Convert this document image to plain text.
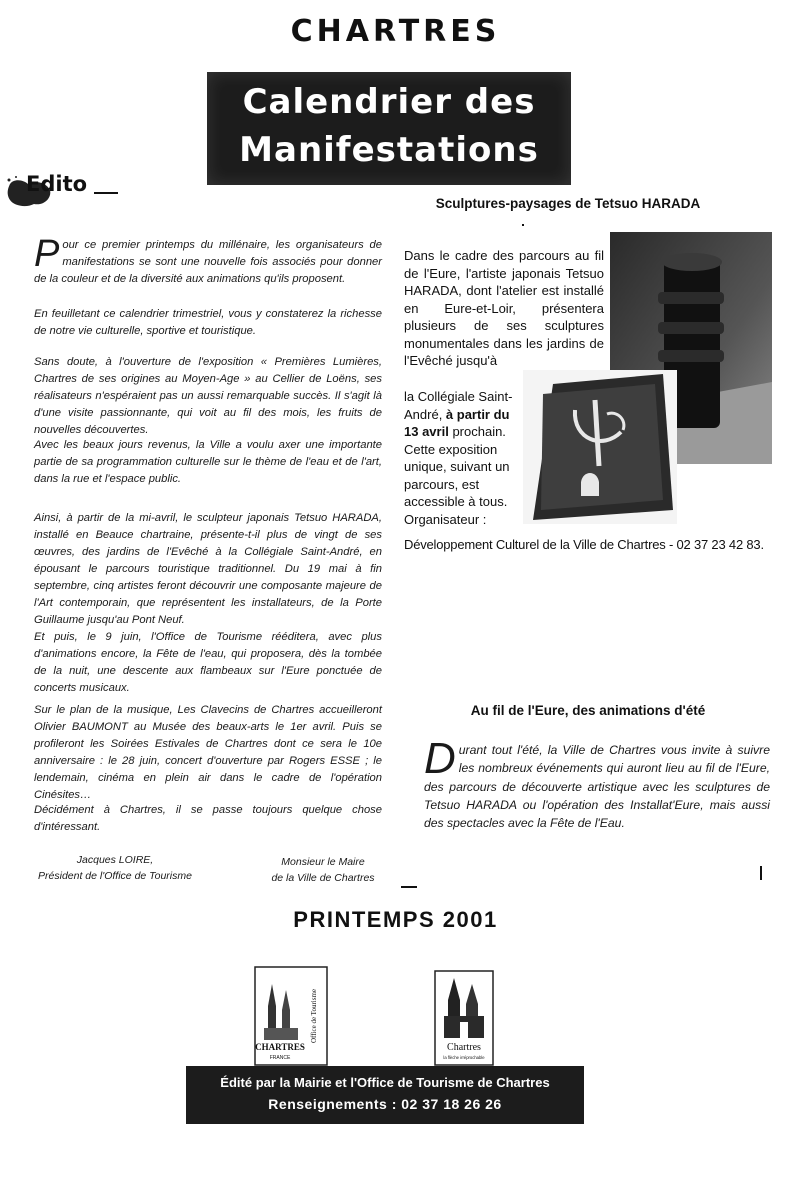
CHARTRES
Calendrier des
Manifestations
Edito

Pour ce premier printemps du millénaire, les organisateurs de manifestations se sont une nouvelle fois associés pour donner de la couleur et de la diversité aux animations qu'ils proposent.

En feuilletant ce calendrier trimestriel, vous y constaterez la richesse de notre vie culturelle, sportive et touristique.

Sans doute, à l'ouverture de l'exposition « Premières Lumières, Chartres de ses origines au Moyen-Age » au Cellier de Loëns, ses réalisateurs n'espéraient pas un aussi remarquable succès. Il s'agit là d'une visite passionnante, qui voit au fil des mois, les fruits de nouvelles découvertes.

Avec les beaux jours revenus, la Ville a voulu axer une importante partie de sa programmation culturelle sur le thème de l'eau et de l'art, dans la rue et l'espace public.

Ainsi, à partir de la mi-avril, le sculpteur japonais Tetsuo HARADA, installé en Beauce chartraine, présente-t-il plus de vingt de ses œuvres, des jardins de l'Evêché à la Collégiale Saint-André, en épousant le parcours touristique traditionnel. Du 19 mai à fin septembre, cinq artistes feront découvrir une composante majeure de l'Art contemporain, que représentent les installateurs, de la Porte Guillaume jusqu'au Pont Neuf.

Et puis, le 9 juin, l'Office de Tourisme rééditera, avec plus d'animations encore, la Fête de l'eau, qui proposera, dès la tombée de la nuit, une descente aux flambeaux sur l'Eure ponctuée de concerts musicaux.

Sur le plan de la musique, Les Clavecins de Chartres accueilleront Olivier BAUMONT au Musée des beaux-arts le 1er avril. Puis se profileront les Soirées Estivales de Chartres dont ce sera le 10e anniversaire : le 28 juin, concert d'ouverture par Rogers ESSE ; le lendemain, cinéma en plein air dans le cadre de l'opération Cinésites…

Décidément à Chartres, il se passe toujours quelque chose d'intéressant.

Jacques LOIRE,
Président de l'Office de Tourisme
Monsieur le Maire
de la Ville de Chartres
Sculptures-paysages de Tetsuo HARADA
Dans le cadre des parcours au fil de l'Eure, l'artiste japonais Tetsuo HARADA, dont l'atelier est installé en Eure-et-Loir, présentera plusieurs de ses sculptures monumentales dans les jardins de l'Evêché jusqu'à
la Collégiale Saint-André, à partir du 13 avril prochain. Cette exposition unique, suivant un parcours, est accessible à tous. Organisateur :
Développement Culturel de la Ville de Chartres - 02 37 23 42 83.
Au fil de l'Eure, des animations d'été

Durant tout l'été, la Ville de Chartres vous invite à suivre les nombreux événements qui auront lieu au fil de l'Eure, des parcours de découverte artistique avec les sculptures de Tetsuo HARADA ou l'opération des Installat'Eure, mais aussi des spectacles avec la Fête de l'Eau.

PRINTEMPS 2001
CHARTRES
FRANCE
Office de Tourisme
Chartres
la flèche irréprochable
Édité par la Mairie et l'Office de Tourisme de Chartres
Renseignements : 02 37 18 26 26
